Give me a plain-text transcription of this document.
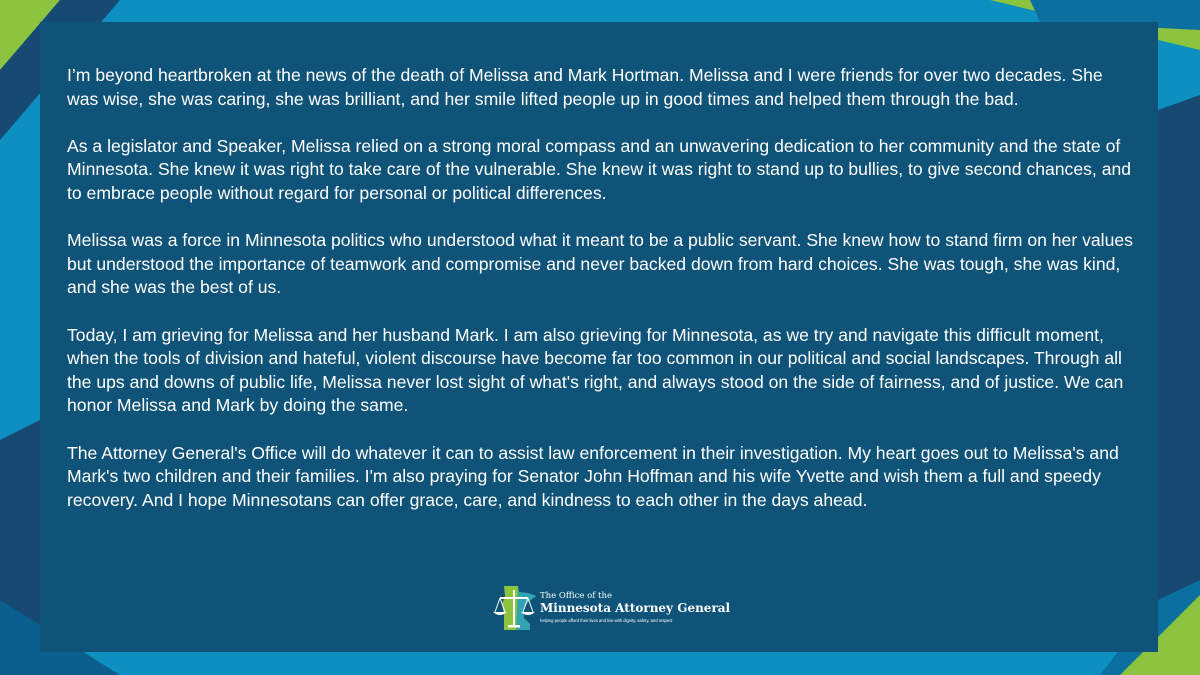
I’m beyond heartbroken at the news of the death of Melissa and Mark Hortman. Melissa and I were friends for over two decades. She was wise, she was caring, she was brilliant, and her smile lifted people up in good times and helped them through the bad.

As a legislator and Speaker, Melissa relied on a strong moral compass and an unwavering dedication to her community and the state of Minnesota. She knew it was right to take care of the vulnerable. She knew it was right to stand up to bullies, to give second chances, and to embrace people without regard for personal or political differences.

Melissa was a force in Minnesota politics who understood what it meant to be a public servant. She knew how to stand firm on her values but understood the importance of teamwork and compromise and never backed down from hard choices. She was tough, she was kind, and she was the best of us.

Today, I am grieving for Melissa and her husband Mark. I am also grieving for Minnesota, as we try and navigate this difficult moment, when the tools of division and hateful, violent discourse have become far too common in our political and social landscapes. Through all the ups and downs of public life, Melissa never lost sight of what's right, and always stood on the side of fairness, and of justice. We can honor Melissa and Mark by doing the same.

The Attorney General's Office will do whatever it can to assist law enforcement in their investigation. My heart goes out to Melissa's and Mark's two children and their families. I'm also praying for Senator John Hoffman and his wife Yvette and wish them a full and speedy recovery. And I hope Minnesotans can offer grace, care, and kindness to each other in the days ahead.

The Office of the
Minnesota Attorney General
helping people afford their lives and live with dignity, safety, and respect
